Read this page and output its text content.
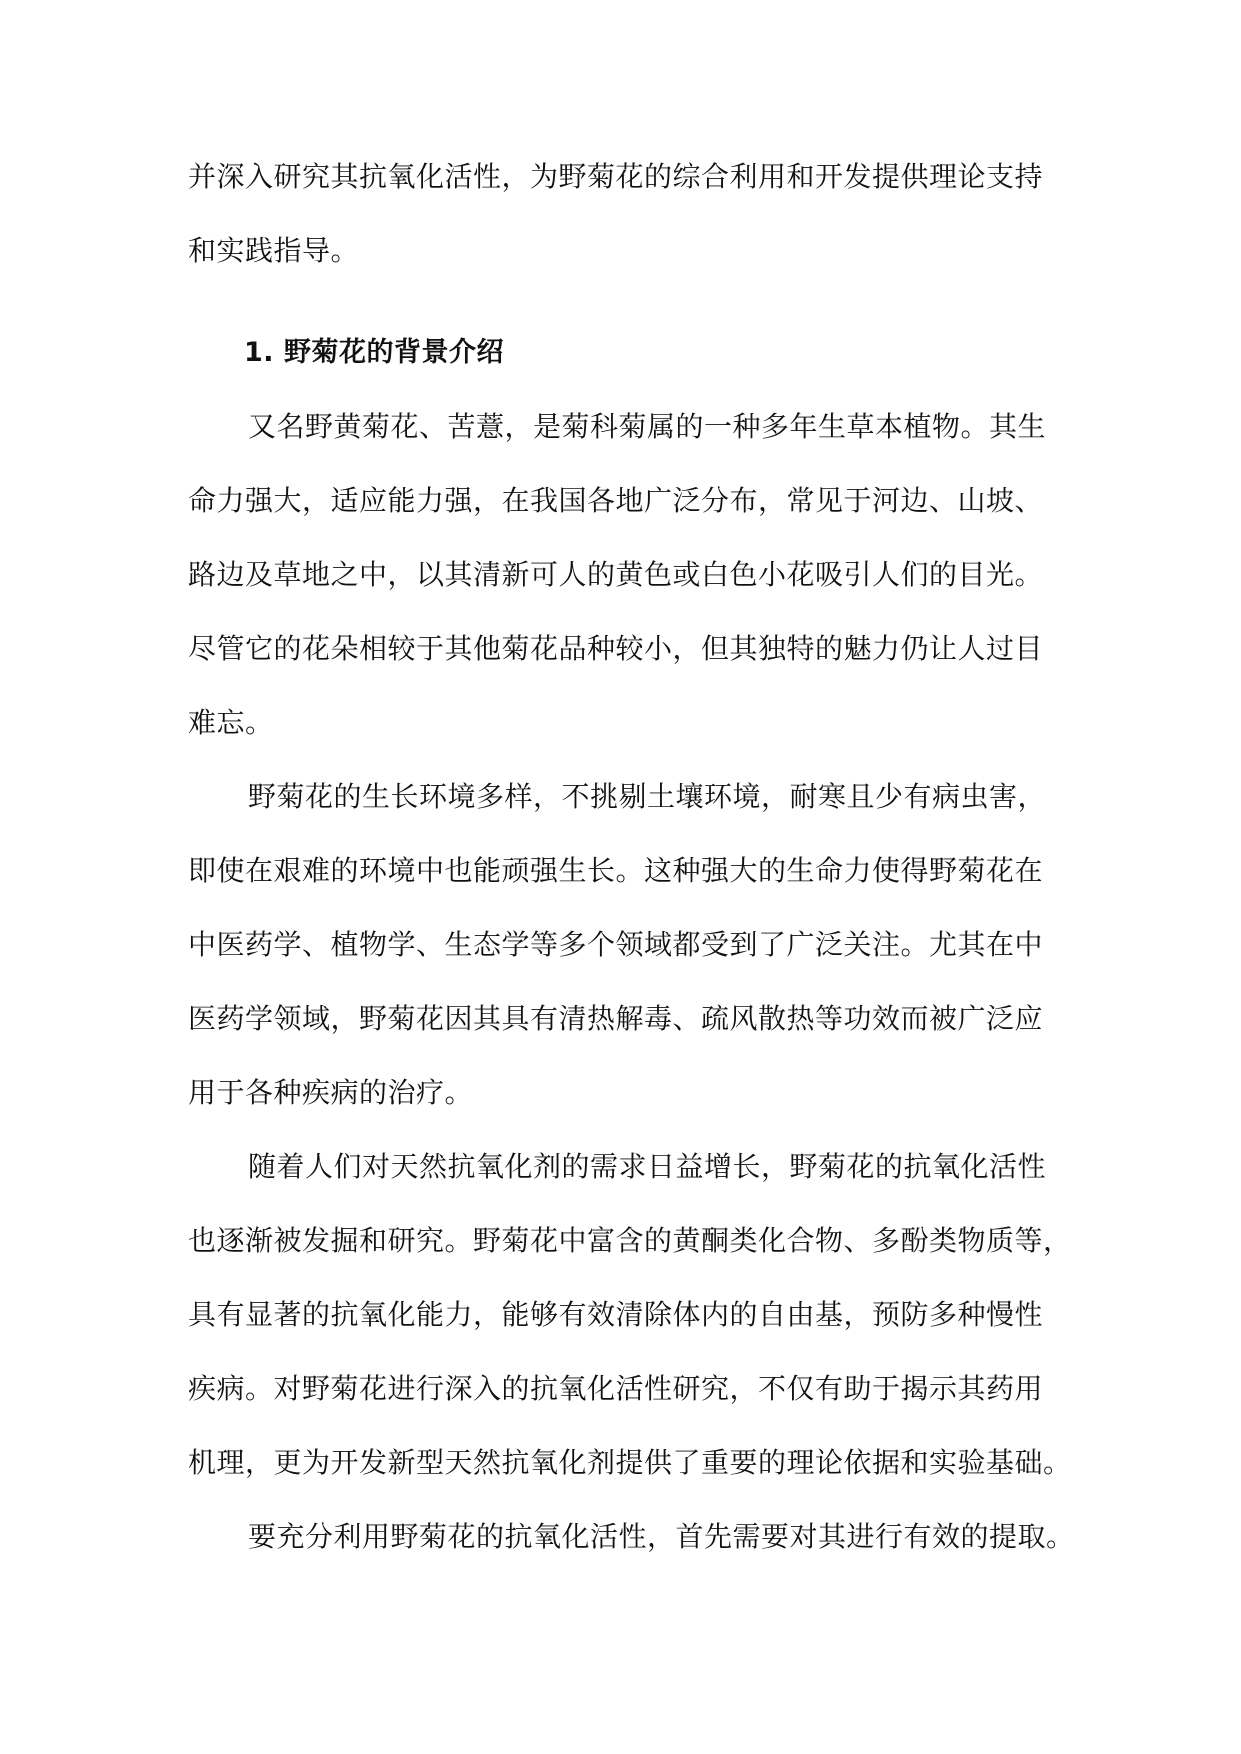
并深入研究其抗氧化活性，为野菊花的综合利用和开发提供理论支持

和实践指导。

1. 野菊花的背景介绍

又名野黄菊花、苦薏，是菊科菊属的一种多年生草本植物。其生

命力强大，适应能力强，在我国各地广泛分布，常见于河边、山坡、

路边及草地之中，以其清新可人的黄色或白色小花吸引人们的目光。

尽管它的花朵相较于其他菊花品种较小，但其独特的魅力仍让人过目

难忘。

野菊花的生长环境多样，不挑剔土壤环境，耐寒且少有病虫害，

即使在艰难的环境中也能顽强生长。这种强大的生命力使得野菊花在

中医药学、植物学、生态学等多个领域都受到了广泛关注。尤其在中

医药学领域，野菊花因其具有清热解毒、疏风散热等功效而被广泛应

用于各种疾病的治疗。

随着人们对天然抗氧化剂的需求日益增长，野菊花的抗氧化活性

也逐渐被发掘和研究。野菊花中富含的黄酮类化合物、多酚类物质等，

具有显著的抗氧化能力，能够有效清除体内的自由基，预防多种慢性

疾病。对野菊花进行深入的抗氧化活性研究，不仅有助于揭示其药用

机理，更为开发新型天然抗氧化剂提供了重要的理论依据和实验基础。

要充分利用野菊花的抗氧化活性，首先需要对其进行有效的提取。
